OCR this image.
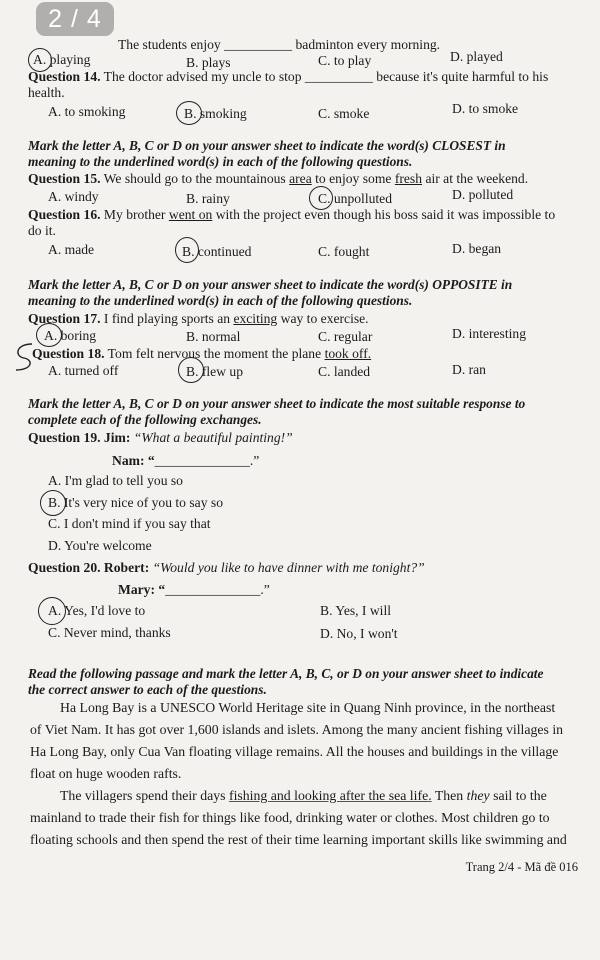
2 / 4
The students enjoy __________ badminton every morning.
A. playing	B. plays	C. to play	D. played
Question 14. The doctor advised my uncle to stop __________ because it's quite harmful to his
health.
A. to smoking	B. smoking	C. smoke	D. to smoke
Mark the letter A, B, C or D on your answer sheet to indicate the word(s) CLOSEST in
meaning to the underlined word(s) in each of the following questions.
Question 15. We should go to the mountainous area to enjoy some fresh air at the weekend.
A. windy	B. rainy	C. unpolluted	D. polluted
Question 16. My brother went on with the project even though his boss said it was impossible to
do it.
A. made	B. continued	C. fought	D. began
Mark the letter A, B, C or D on your answer sheet to indicate the word(s) OPPOSITE in
meaning to the underlined word(s) in each of the following questions.
Question 17. I find playing sports an exciting way to exercise.
A. boring	B. normal	C. regular	D. interesting
Question 18. Tom felt nervous the moment the plane took off.
A. turned off	B. flew up	C. landed	D. ran
Mark the letter A, B, C or D on your answer sheet to indicate the most suitable response to
complete each of the following exchanges.
Question 19. Jim: “What a beautiful painting!”
Nam: “______________.”
A. I'm glad to tell you so
B. It's very nice of you to say so
C. I don't mind if you say that
D. You're welcome
Question 20. Robert: “Would you like to have dinner with me tonight?”
Mary: “______________.”
A. Yes, I'd love to	B. Yes, I will
C. Never mind, thanks	D. No, I won't
Read the following passage and mark the letter A, B, C, or D on your answer sheet to indicate
the correct answer to each of the questions.
Ha Long Bay is a UNESCO World Heritage site in Quang Ninh province, in the northeast
of Viet Nam. It has got over 1,600 islands and islets. Among the many ancient fishing villages in
Ha Long Bay, only Cua Van floating village remains. All the houses and buildings in the village
float on huge wooden rafts.
The villagers spend their days fishing and looking after the sea life. Then they sail to the
mainland to trade their fish for things like food, drinking water or clothes. Most children go to
floating schools and then spend the rest of their time learning important skills like swimming and
Trang 2/4 - Mã đề 016
